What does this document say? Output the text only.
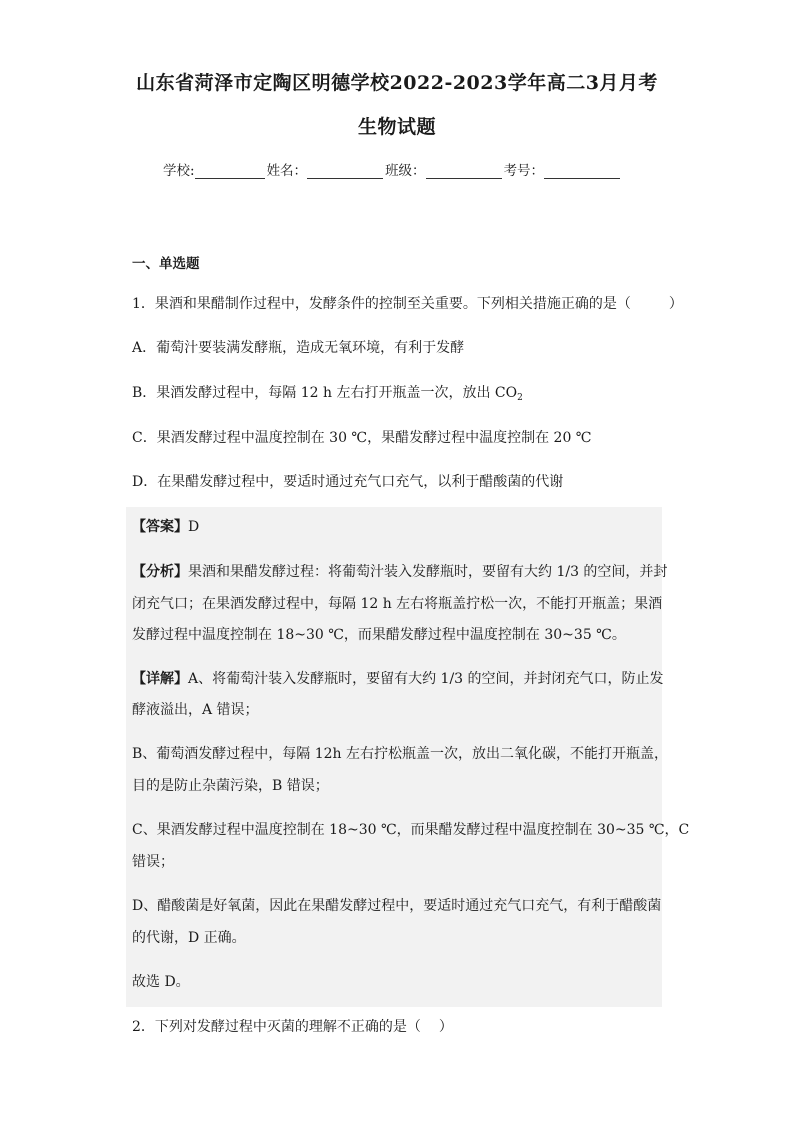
山东省菏泽市定陶区明德学校2022-2023学年高二3月月考
生物试题
学校:	姓名：	班级：	考号：
一、单选题
1．果酒和果醋制作过程中，发酵条件的控制至关重要。下列相关措施正确的是（	）
A．葡萄汁要装满发酵瓶，造成无氧环境，有利于发酵
B．果酒发酵过程中，每隔 12 h 左右打开瓶盖一次，放出 $CO_2$
C．果酒发酵过程中温度控制在 30 ℃，果醋发酵过程中温度控制在 20 ℃
D．在果醋发酵过程中，要适时通过充气口充气，以利于醋酸菌的代谢
【答案】D
【分析】果酒和果醋发酵过程：将葡萄汁装入发酵瓶时，要留有大约 1/3 的空间，并封
闭充气口；在果酒发酵过程中，每隔 12 h 左右将瓶盖拧松一次，不能打开瓶盖；果酒
发酵过程中温度控制在 18~30 ℃，而果醋发酵过程中温度控制在 30~35 ℃。
【详解】A、将葡萄汁装入发酵瓶时，要留有大约 1/3 的空间，并封闭充气口，防止发
酵液溢出，A 错误；
B、葡萄酒发酵过程中，每隔 12h 左右拧松瓶盖一次，放出二氧化碳，不能打开瓶盖，
目的是防止杂菌污染，B 错误；
C、果酒发酵过程中温度控制在 18~30 ℃，而果醋发酵过程中温度控制在 30~35 ℃，C
错误；
D、醋酸菌是好氧菌，因此在果醋发酵过程中，要适时通过充气口充气，有利于醋酸菌
的代谢，D 正确。
故选 D。
2．下列对发酵过程中灭菌的理解不正确的是（ ）
